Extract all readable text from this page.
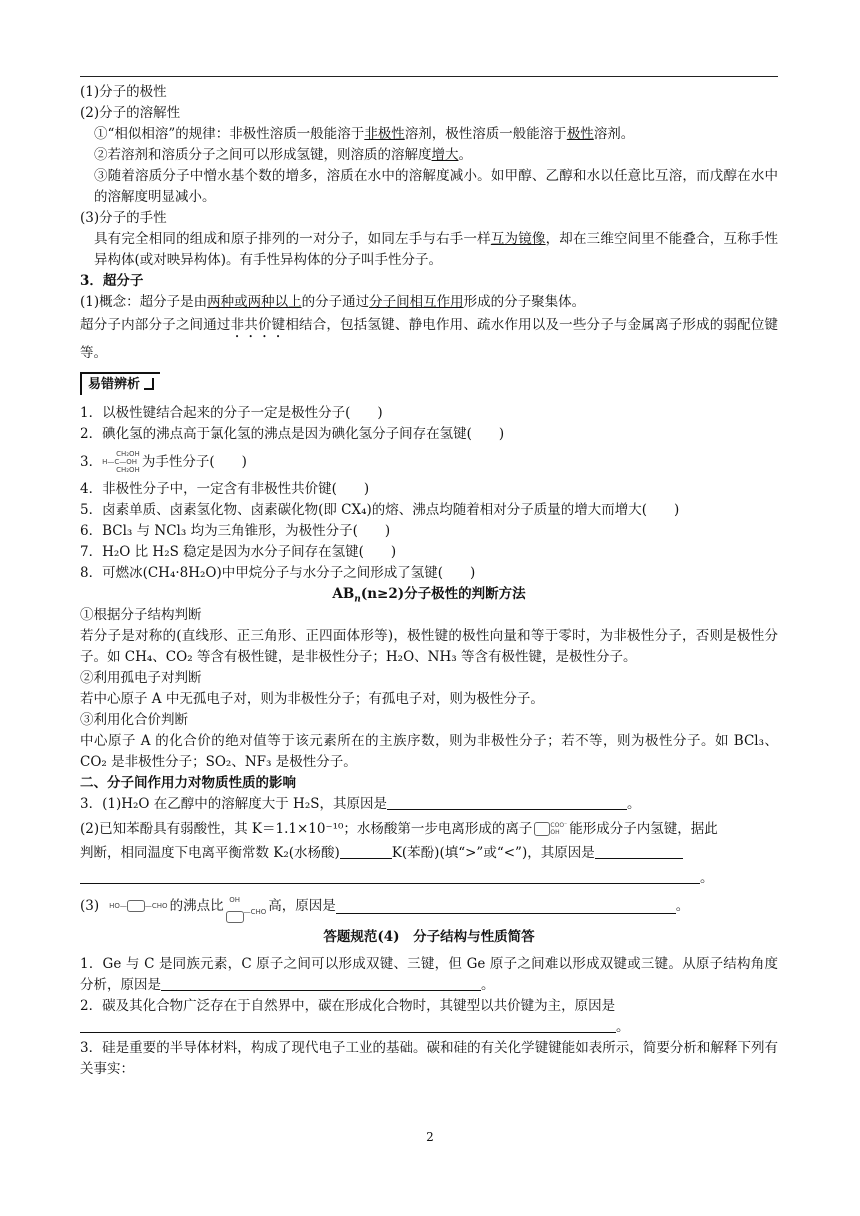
(1)分子的极性
(2)分子的溶解性
①“相似相溶”的规律：非极性溶质一般能溶于非极性溶剂，极性溶质一般能溶于极性溶剂。
②若溶剂和溶质分子之间可以形成氢键，则溶质的溶解度增大。
③随着溶质分子中憎水基个数的增多，溶质在水中的溶解度减小。如甲醇、乙醇和水以任意比互溶，而戊醇在水中的溶解度明显减小。
(3)分子的手性
具有完全相同的组成和原子排列的一对分子，如同左手与右手一样互为镜像，却在三维空间里不能叠合，互称手性异构体(或对映异构体)。有手性异构体的分子叫手性分子。
3．超分子
(1)概念：超分子是由两种或两种以上的分子通过分子间相互作用形成的分子聚集体。
超分子内部分子之间通过非共价键相结合，包括氢键、静电作用、疏水作用以及一些分子与金属离子形成的弱配位键等。
易错辨析
1．以极性键结合起来的分子一定是极性分子(　　)
2．碘化氢的沸点高于氯化氢的沸点是因为碘化氢分子间存在氢键(　　)
3．	CH₂OH
H—C—OH
CH₂OH
为手性分子(　　)
4．非极性分子中，一定含有非极性共价键(　　)
5．卤素单质、卤素氢化物、卤素碳化物(即 CX₄)的熔、沸点均随着相对分子质量的增大而增大(　　)
6．BCl₃ 与 NCl₃ 均为三角锥形，为极性分子(　　)
7．H₂O 比 H₂S 稳定是因为水分子间存在氢键(　　)
8．可燃冰(CH₄·8H₂O)中甲烷分子与水分子之间形成了氢键(　　)
$AB_n(n\ge 2)$分子极性的判断方法
①根据分子结构判断
若分子是对称的(直线形、正三角形、正四面体形等)，极性键的极性向量和等于零时，为非极性分子，否则是极性分子。如 CH₄、CO₂ 等含有极性键，是非极性分子；H₂O、NH₃ 等含有极性键，是极性分子。
②利用孤电子对判断
若中心原子 A 中无孤电子对，则为非极性分子；有孤电子对，则为极性分子。
③利用化合价判断
中心原子 A 的化合价的绝对值等于该元素所在的主族序数，则为非极性分子；若不等，则为极性分子。如 BCl₃、CO₂ 是非极性分子；SO₂、NF₃ 是极性分子。
二、分子间作用力对物质性质的影响
3．(1)H₂O 在乙醇中的溶解度大于 H₂S，其原因是	。
(2)已知苯酚具有弱酸性，其 K＝1.1×10⁻¹⁰；水杨酸第一步电离形成的离子	COO⁻
OH 能形成分子内氢键，据此
判断，相同温度下电离平衡常数 K₂(水杨酸)	K(苯酚)(填“>”或“<”)，其原因是
。
(3) HO—	—CHO 的沸点比 OH
—CHO 高，原因是	。
答题规范(4)　分子结构与性质简答
1．Ge 与 C 是同族元素，C 原子之间可以形成双键、三键，但 Ge 原子之间难以形成双键或三键。从原子结构角度分析，原因是	。
2．碳及其化合物广泛存在于自然界中，碳在形成化合物时，其键型以共价键为主，原因是
。
3．硅是重要的半导体材料，构成了现代电子工业的基础。碳和硅的有关化学键键能如表所示，简要分析和解释下列有关事实：
2
